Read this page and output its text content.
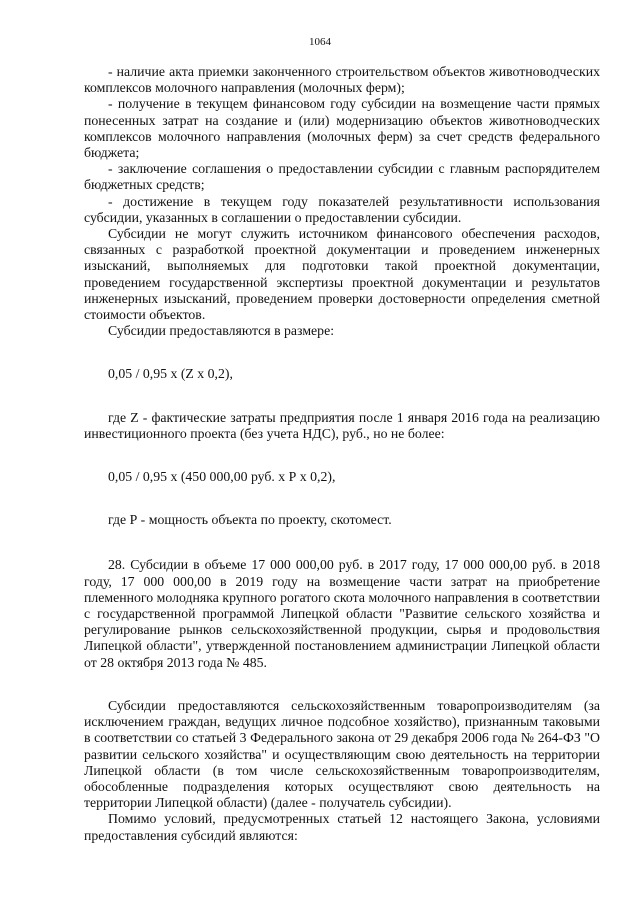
1064

- наличие акта приемки законченного строительством объектов животноводческих комплексов молочного направления (молочных ферм);

- получение в текущем финансовом году субсидии на возмещение части прямых понесенных затрат на создание и (или) модернизацию объектов животноводческих комплексов молочного направления (молочных ферм) за счет средств федерального бюджета;

- заключение соглашения о предоставлении субсидии с главным распорядителем бюджетных средств;

- достижение в текущем году показателей результативности использования субсидии, указанных в соглашении о предоставлении субсидии.

Субсидии не могут служить источником финансового обеспечения расходов, связанных с разработкой проектной документации и проведением инженерных изысканий, выполняемых для подготовки такой проектной документации, проведением государственной экспертизы проектной документации и результатов инженерных изысканий, проведением проверки достоверности определения сметной стоимости объектов.

Субсидии предоставляются в размере:

0,05 / 0,95 х (Z х 0,2),

где Z - фактические затраты предприятия после 1 января 2016 года на реализацию инвестиционного проекта (без учета НДС), руб., но не более:

0,05 / 0,95 х (450 000,00 руб. х Р х 0,2),

где Р - мощность объекта по проекту, скотомест.

28. Субсидии в объеме 17 000 000,00 руб. в 2017 году, 17 000 000,00 руб. в 2018 году, 17 000 000,00 в 2019 году на возмещение части затрат на приобретение племенного молодняка крупного рогатого скота молочного направления в соответствии с государственной программой Липецкой области "Развитие сельского хозяйства и регулирование рынков сельскохозяйственной продукции, сырья и продовольствия Липецкой области", утвержденной постановлением администрации Липецкой области от 28 октября 2013 года № 485.

Субсидии предоставляются сельскохозяйственным товаропроизводителям (за исключением граждан, ведущих личное подсобное хозяйство), признанным таковыми в соответствии со статьей 3 Федерального закона от 29 декабря 2006 года № 264-ФЗ "О развитии сельского хозяйства" и осуществляющим свою деятельность на территории Липецкой области (в том числе сельскохозяйственным товаропроизводителям, обособленные подразделения которых осуществляют свою деятельность на территории Липецкой области) (далее - получатель субсидии).

Помимо условий, предусмотренных статьей 12 настоящего Закона, условиями предоставления субсидий являются:
